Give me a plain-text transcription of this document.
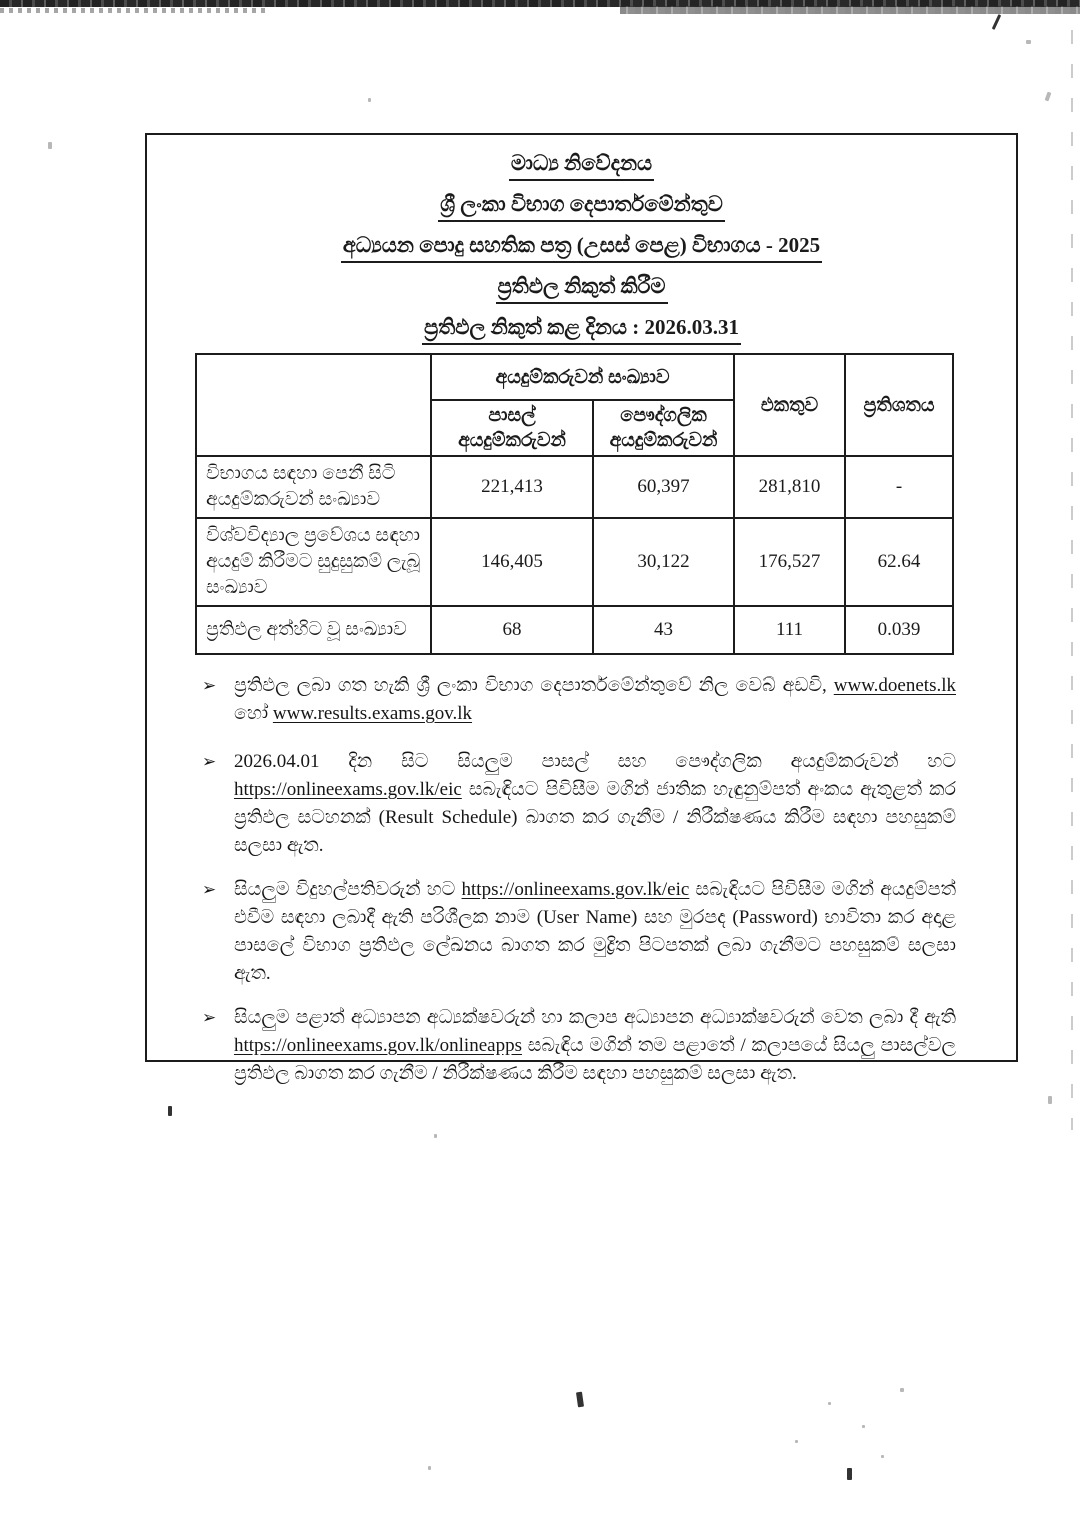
මාධ්‍ය නිවේදනය
ශ්‍රී ලංකා විභාග දෙපාර්තමේන්තුව
අධ්‍යයන පොදු සහතික පත්‍ර (උසස් පෙළ) විභාගය - 2025
ප්‍රතිඵල නිකුත් කිරීම
ප්‍රතිඵල නිකුත් කළ දිනය : 2026.03.31
	අයදුම්කරුවන් සංඛ්‍යාව		එකතුව	ප්‍රතිශතය
	පාසල් අයදුම්කරුවන්	පෞද්ගලික අයදුම්කරුවන්		
විභාගය සඳහා පෙනී සිටි අයදුම්කරුවන් සංඛ්‍යාව	221,413	60,397	281,810	-
විශ්වවිද්‍යාල ප්‍රවේශය සඳහා අයදුම් කිරීමට සුදුසුකම් ලැබූ සංඛ්‍යාව	146,405	30,122	176,527	62.64
ප්‍රතිඵල අත්හිට වූ සංඛ්‍යාව	68	43	111	0.039
➢ ප්‍රතිඵල ලබා ගත හැකි ශ්‍රී ලංකා විභාග දෙපාර්තමේන්තුවේ නිල වෙබ් අඩවි, www.doenets.lk හෝ www.results.exams.gov.lk

➢ 2026.04.01 දින සිට සියලුම පාසල් සහ පෞද්ගලික අයදුම්කරුවන් හට https://onlineexams.gov.lk/eic සබැඳියට පිවිසීම මගින් ජාතික හැඳුනුම්පත් අංකය ඇතුළත් කර ප්‍රතිඵල සටහනක් (Result Schedule) බාගත කර ගැනීම / නිරීක්ෂණය කිරීම සඳහා පහසුකම් සලසා ඇත.

➢ සියලුම විදුහල්පතිවරුන් හට https://onlineexams.gov.lk/eic සබැඳියට පිවිසීම මගින් අයදුම්පත් එවීම සඳහා ලබාදී ඇති පරිශීලක නාම (User Name) සහ මුරපද (Password) භාවිතා කර අදාළ පාසලේ විභාග ප්‍රතිඵල ලේඛනය බාගත කර මුද්‍රිත පිටපතක් ලබා ගැනීමට පහසුකම් සලසා ඇත.

➢ සියලුම පළාත් අධ්‍යාපන අධ්‍යක්ෂවරුන් හා කලාප අධ්‍යාපන අධ්‍යාක්ෂවරුන් වෙත ලබා දී ඇති https://onlineexams.gov.lk/onlineapps සබැඳිය මගින් තම පළාතේ / කලාපයේ සියලු පාසල්වල ප්‍රතිඵල බාගත කර ගැනීම / නිරීක්ෂණය කිරීම සඳහා පහසුකම් සලසා ඇත.
